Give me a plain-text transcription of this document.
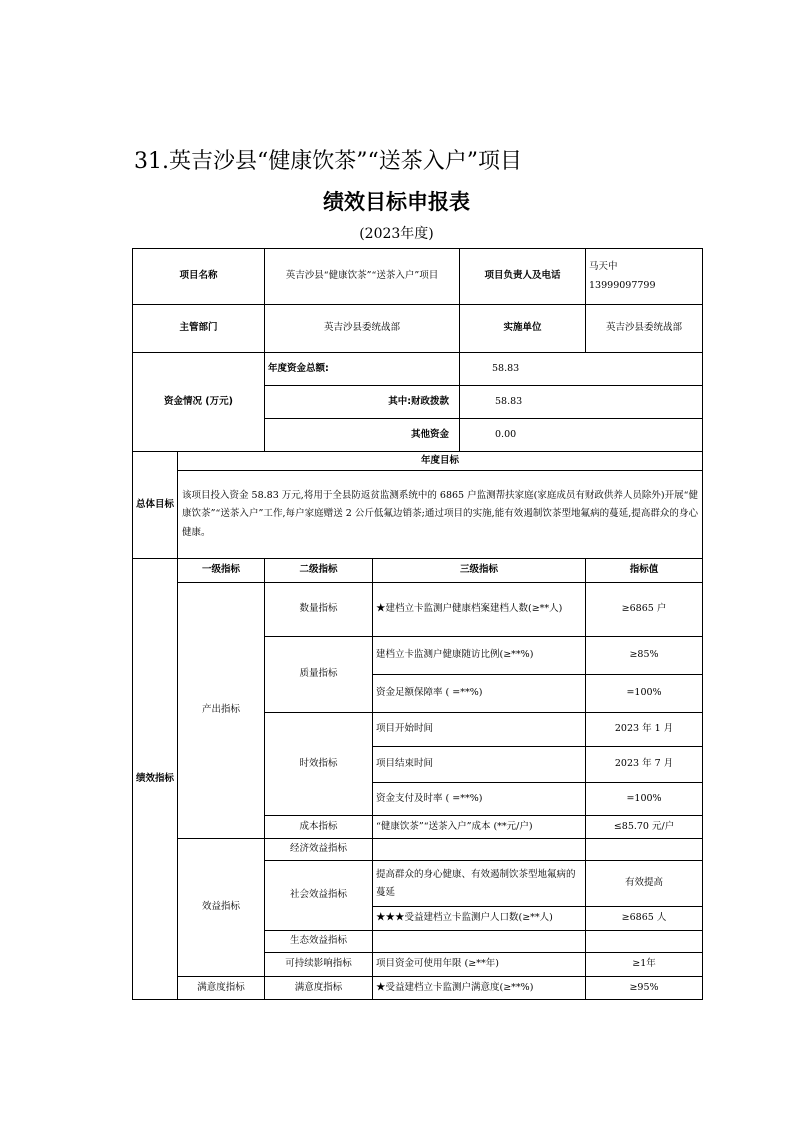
31.英吉沙县“健康饮茶”“送茶入户”项目
绩效目标申报表
(2023年度)
项目名称		英吉沙县“健康饮茶”“送茶入户”项目		项目负责人及电话	马天中
13999097799

主管部门		英吉沙县委统战部		实施单位	英吉沙县委统战部
资金情况 (万元)		年度资金总额:		58.83	
		其中:财政拨款		58.83	
		其他资金		0.00	
总体目标	年度目标				
	该项目投入资金 58.83 万元,将用于全县防返贫监测系统中的 6865 户监测帮扶家庭(家庭成员有财政供养人员除外)开展“健康饮茶”“送茶入户”工作,每户家庭赠送 2 公斤低氟边销茶;通过项目的实施,能有效遏制饮茶型地氟病的蔓延,提高群众的身心健康。				
绩效指标	一级指标	二级指标	三级指标		指标值
	产出指标	数量指标	★建档立卡监测户健康档案建档人数(≥**人)		≥6865 户
		质量指标	建档立卡监测户健康随访比例(≥**%)		≥85%
			资金足额保障率 ( =**%)		=100%
		时效指标	项目开始时间		2023 年 1 月
			项目结束时间		2023 年 7 月
			资金支付及时率 ( =**%)		=100%
		成本指标	“健康饮茶”“送茶入户”成本 (**元/户)		≤85.70 元/户
	效益指标	经济效益指标			
		社会效益指标	提高群众的身心健康、有效遏制饮茶型地氟病的蔓延		有效提高
			★★★受益建档立卡监测户人口数(≥**人)		≥6865 人
		生态效益指标			
		可持续影响指标	项目资金可使用年限 (≥**年)		≥1年
	满意度指标	满意度指标	★受益建档立卡监测户满意度(≥**%)		≥95%
